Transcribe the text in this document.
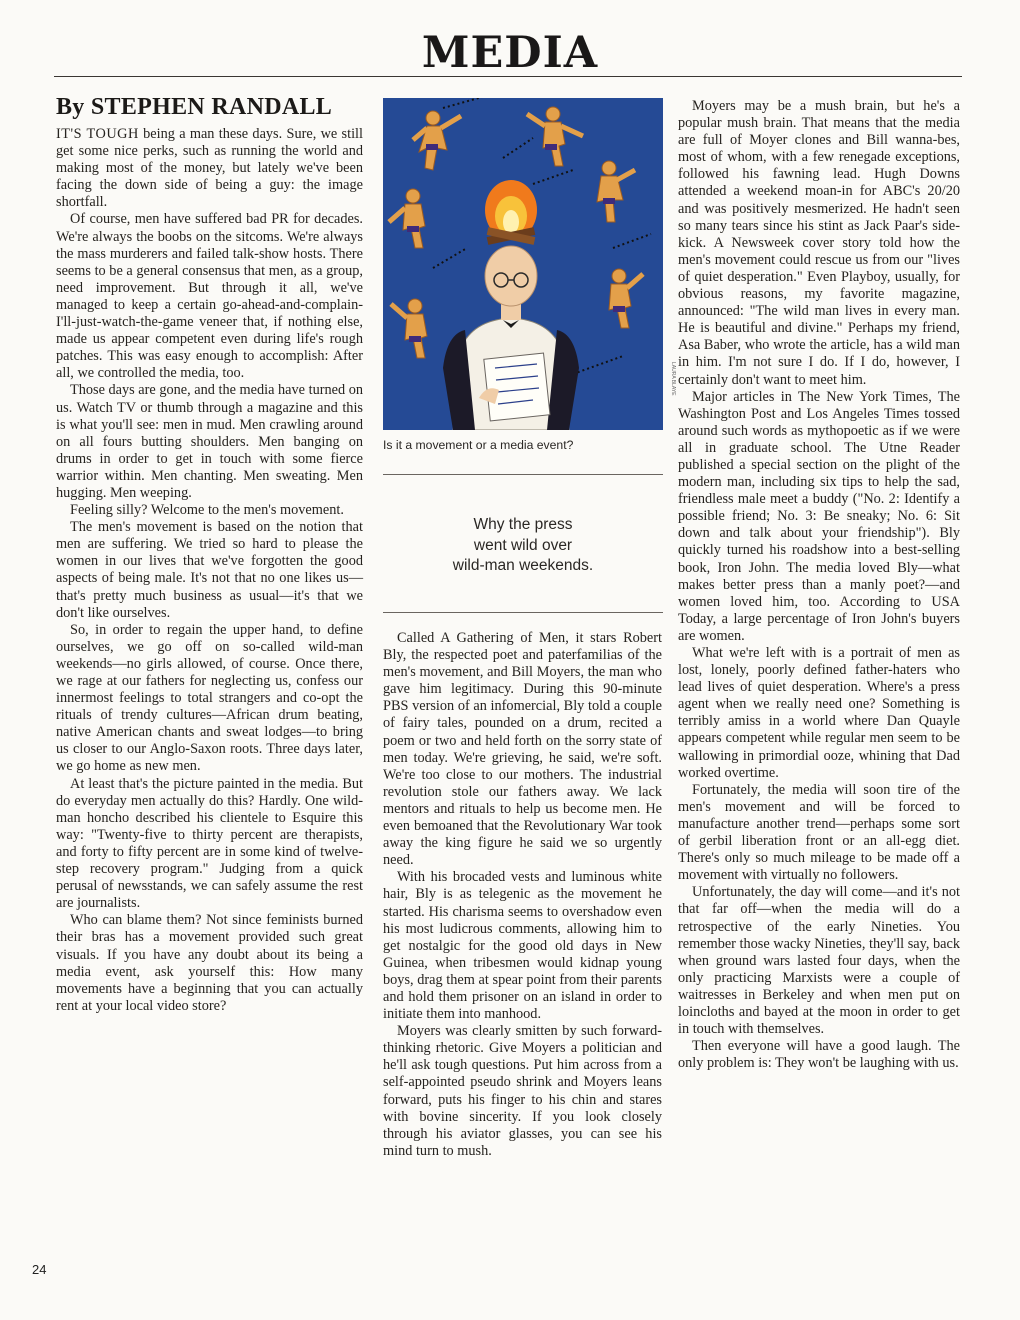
MEDIA
By STEPHEN RANDALL

IT'S TOUGH being a man these days. Sure, we still get some nice perks, such as running the world and making most of the money, but lately we've been facing the down side of being a guy: the image shortfall.

Of course, men have suffered bad PR for decades. We're always the boobs on the sitcoms. We're always the mass murderers and failed talk-show hosts. There seems to be a general consensus that men, as a group, need improvement. But through it all, we've managed to keep a certain go-ahead-and-complain-I'll-just-watch-the-game veneer that, if nothing else, made us appear competent even during life's rough patches. This was easy enough to accomplish: After all, we controlled the media, too.

Those days are gone, and the media have turned on us. Watch TV or thumb through a magazine and this is what you'll see: men in mud. Men crawling around on all fours butting shoulders. Men banging on drums in order to get in touch with some fierce warrior within. Men chanting. Men sweating. Men hugging. Men weeping.

Feeling silly? Welcome to the men's movement.

The men's movement is based on the notion that men are suffering. We tried so hard to please the women in our lives that we've forgotten the good aspects of being male. It's not that no one likes us—that's pretty much business as usual—it's that we don't like ourselves.

So, in order to regain the upper hand, to define ourselves, we go off on so-called wild-man weekends—no girls allowed, of course. Once there, we rage at our fathers for neglecting us, confess our innermost feelings to total strangers and co-opt the rituals of trendy cultures—African drum beating, native American chants and sweat lodges—to bring us closer to our Anglo-Saxon roots. Three days later, we go home as new men.

At least that's the picture painted in the media. But do everyday men actually do this? Hardly. One wild-man honcho described his clientele to Esquire this way: "Twenty-five to thirty percent are therapists, and forty to fifty percent are in some kind of twelve-step recovery program." Judging from a quick perusal of newsstands, we can safely assume the rest are journalists.

Who can blame them? Not since feminists burned their bras has a movement provided such great visuals. If you have any doubt about its being a media event, ask yourself this: How many movements have a beginning that you can actually rent at your local video store?

LAURA BLAYE

Is it a movement or a media event?

Why the press
went wild over
wild-man weekends.

Called A Gathering of Men, it stars Robert Bly, the respected poet and paterfamilias of the men's movement, and Bill Moyers, the man who gave him legitimacy. During this 90-minute PBS version of an infomercial, Bly told a couple of fairy tales, pounded on a drum, recited a poem or two and held forth on the sorry state of men today. We're grieving, he said, we're soft. We're too close to our mothers. The industrial revolution stole our fathers away. We lack mentors and rituals to help us become men. He even bemoaned that the Revolutionary War took away the king figure he said we so urgently need.

With his brocaded vests and luminous white hair, Bly is as telegenic as the movement he started. His charisma seems to overshadow even his most ludicrous comments, allowing him to get nostalgic for the good old days in New Guinea, when tribesmen would kidnap young boys, drag them at spear point from their parents and hold them prisoner on an island in order to initiate them into manhood.

Moyers was clearly smitten by such forward-thinking rhetoric. Give Moyers a politician and he'll ask tough questions. Put him across from a self-appointed pseudo shrink and Moyers leans forward, puts his finger to his chin and stares with bovine sincerity. If you look closely through his aviator glasses, you can see his mind turn to mush.

Moyers may be a mush brain, but he's a popular mush brain. That means that the media are full of Moyer clones and Bill wanna-bes, most of whom, with a few renegade exceptions, followed his fawning lead. Hugh Downs attended a weekend moan-in for ABC's 20/20 and was positively mesmerized. He hadn't seen so many tears since his stint as Jack Paar's side-kick. A Newsweek cover story told how the men's movement could rescue us from our "lives of quiet desperation." Even Playboy, usually, for obvious reasons, my favorite magazine, announced: "The wild man lives in every man. He is beautiful and divine." Perhaps my friend, Asa Baber, who wrote the article, has a wild man in him. I'm not sure I do. If I do, however, I certainly don't want to meet him.

Major articles in The New York Times, The Washington Post and Los Angeles Times tossed around such words as mythopoetic as if we were all in graduate school. The Utne Reader published a special section on the plight of the modern man, including six tips to help the sad, friendless male meet a buddy ("No. 2: Identify a possible friend; No. 3: Be sneaky; No. 6: Sit down and talk about your friendship"). Bly quickly turned his roadshow into a best-selling book, Iron John. The media loved Bly—what makes better press than a manly poet?—and women loved him, too. According to USA Today, a large percentage of Iron John's buyers are women.

What we're left with is a portrait of men as lost, lonely, poorly defined father-haters who lead lives of quiet desperation. Where's a press agent when we really need one? Something is terribly amiss in a world where Dan Quayle appears competent while regular men seem to be wallowing in primordial ooze, whining that Dad worked overtime.

Fortunately, the media will soon tire of the men's movement and will be forced to manufacture another trend—perhaps some sort of gerbil liberation front or an all-egg diet. There's only so much mileage to be made off a movement with virtually no followers.

Unfortunately, the day will come—and it's not that far off—when the media will do a retrospective of the early Nineties. You remember those wacky Nineties, they'll say, back when ground wars lasted four days, when the only practicing Marxists were a couple of waitresses in Berkeley and when men put on loincloths and bayed at the moon in order to get in touch with themselves.

Then everyone will have a good laugh. The only problem is: They won't be laughing with us.

24
